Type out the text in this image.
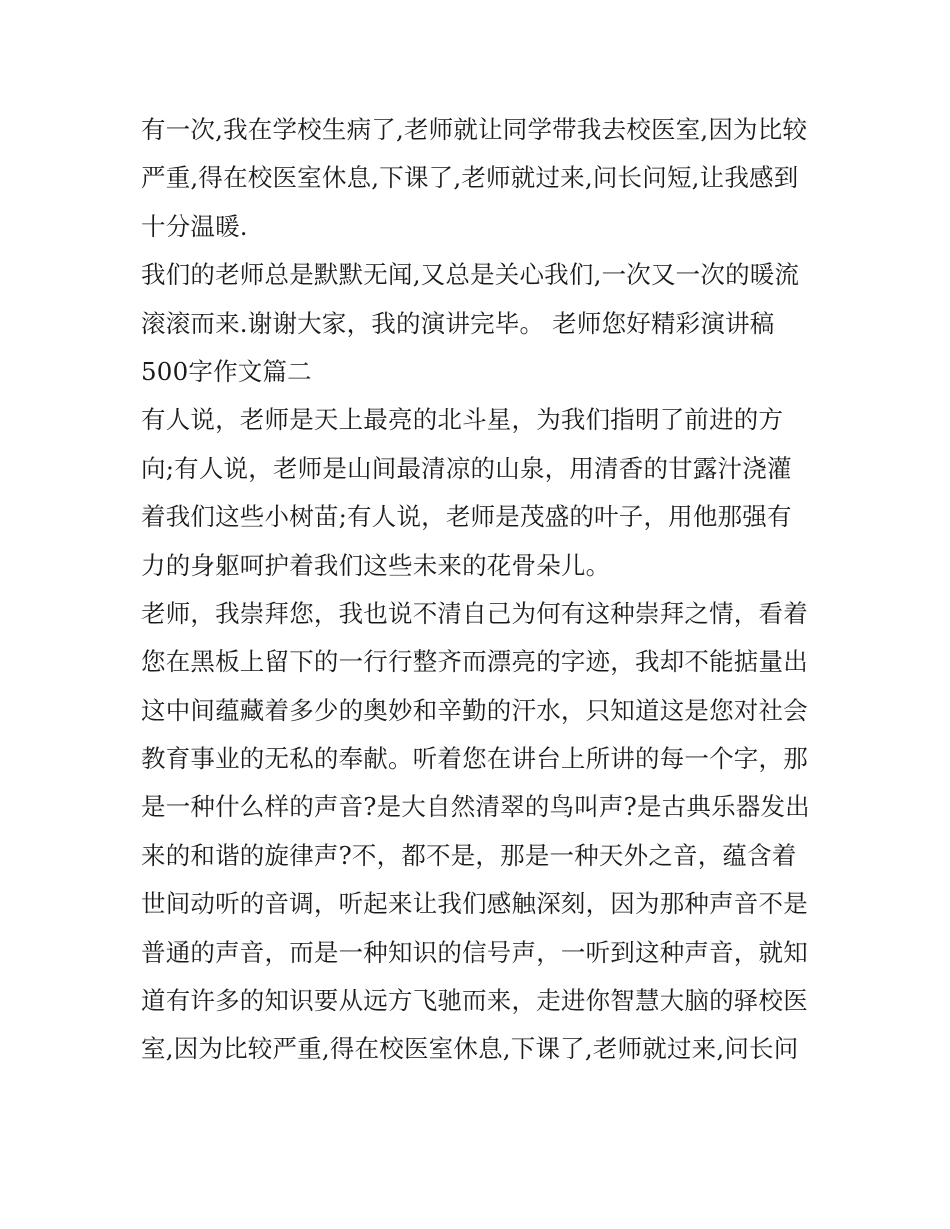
有一次,我在学校生病了,老师就让同学带我去校医室,因为比较
严重,得在校医室休息,下课了,老师就过来,问长问短,让我感到
十分温暖.
我们的老师总是默默无闻,又总是关心我们,一次又一次的暖流
滚滚而来.谢谢大家，我的演讲完毕。 老师您好精彩演讲稿
500字作文篇二
有人说，老师是天上最亮的北斗星，为我们指明了前进的方
向;有人说，老师是山间最清凉的山泉，用清香的甘露汁浇灌
着我们这些小树苗;有人说，老师是茂盛的叶子，用他那强有
力的身躯呵护着我们这些未来的花骨朵儿。
老师，我崇拜您，我也说不清自己为何有这种崇拜之情，看着
您在黑板上留下的一行行整齐而漂亮的字迹，我却不能掂量出
这中间蕴藏着多少的奥妙和辛勤的汗水，只知道这是您对社会
教育事业的无私的奉献。听着您在讲台上所讲的每一个字，那
是一种什么样的声音?是大自然清翠的鸟叫声?是古典乐器发出
来的和谐的旋律声?不，都不是，那是一种天外之音，蕴含着
世间动听的音调，听起来让我们感触深刻，因为那种声音不是
普通的声音，而是一种知识的信号声，一听到这种声音，就知
道有许多的知识要从远方飞驰而来，走进你智慧大脑的驿校医
室,因为比较严重,得在校医室休息,下课了,老师就过来,问长问
